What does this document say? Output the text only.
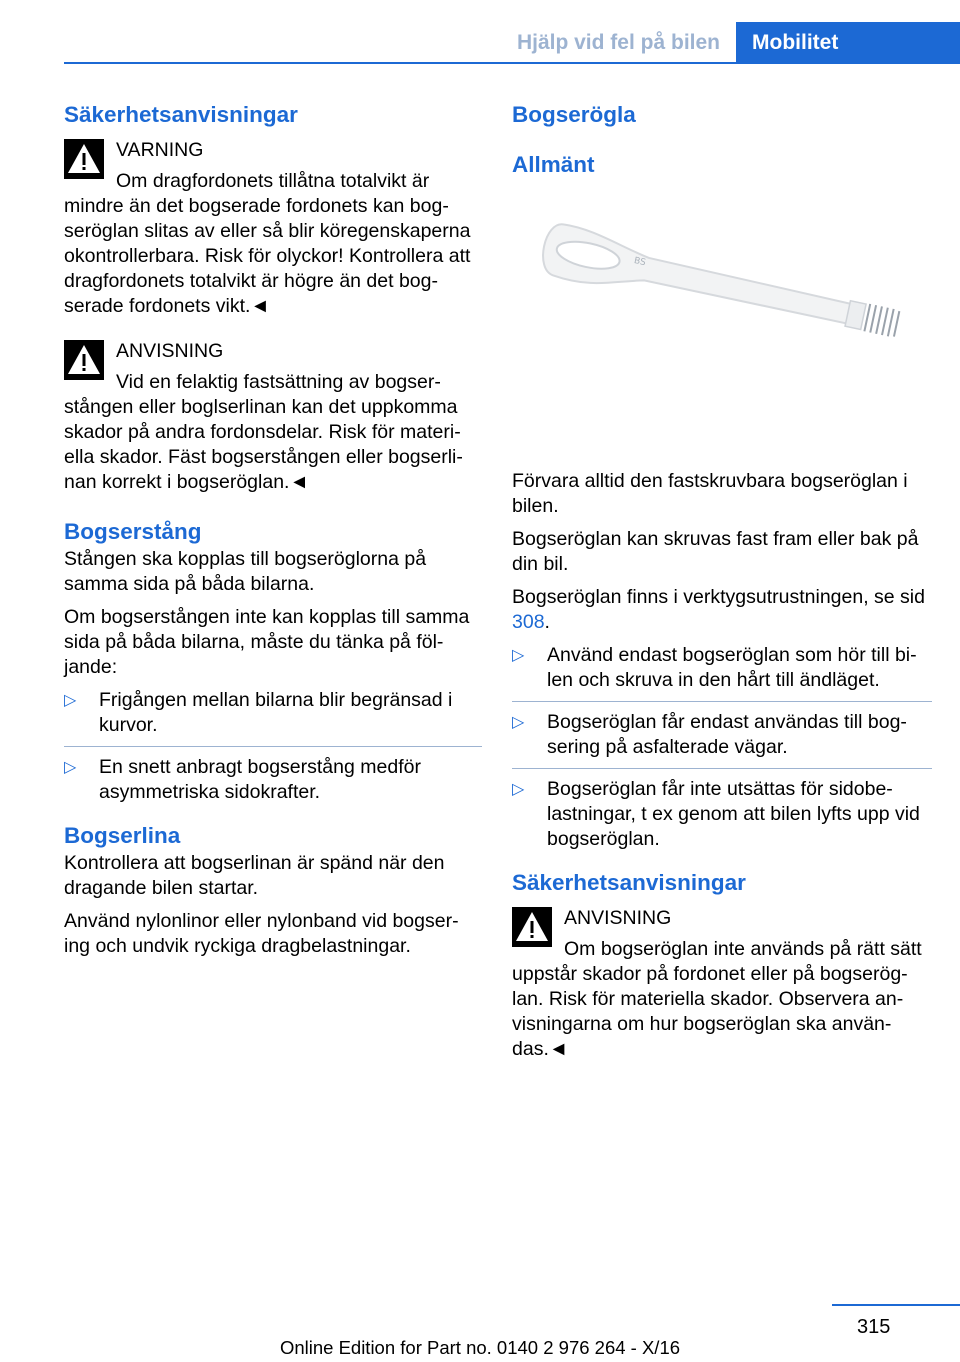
Hjälp vid fel på bilen	Mobilitet
Säkerhetsanvisningar

VARNING

Om dragfordonets tillåtna totalvikt är mindre än det bogserade fordonets kan bog-seröglan slitas av eller så blir köregenskaperna okontrollerbara. Risk för olyckor! Kontrollera att dragfordonets totalvikt är högre än det bog-serade fordonets vikt.◄

ANVISNING

Vid en felaktig fastsättning av bogser-stången eller boglserlinan kan det uppkomma skador på andra fordonsdelar. Risk för materi-ella skador. Fäst bogserstången eller bogserli-nan korrekt i bogseröglan.◄

Bogserstång

Stången ska kopplas till bogseröglorna på samma sida på båda bilarna.

Om bogserstången inte kan kopplas till samma sida på båda bilarna, måste du tänka på föl-jande:

▷ Frigången mellan bilarna blir begränsad i kurvor.
▷ En snett anbragt bogserstång medför asymmetriska sidokrafter.
Bogserlina

Kontrollera att bogserlinan är spänd när den dragande bilen startar.

Använd nylonlinor eller nylonband vid bogser-ing och undvik ryckiga dragbelastningar.

Bogserögla
Allmänt
BS

Förvara alltid den fastskruvbara bogseröglan i bilen.

Bogseröglan kan skruvas fast fram eller bak på din bil.

Bogseröglan finns i verktygsutrustningen, se sid 308.

▷ Använd endast bogseröglan som hör till bi-len och skruva in den hårt till ändläget.
▷ Bogseröglan får endast användas till bog-sering på asfalterade vägar.
▷ Bogseröglan får inte utsättas för sidobe-lastningar, t ex genom att bilen lyfts upp vid bogseröglan.
Säkerhetsanvisningar

ANVISNING

Om bogseröglan inte används på rätt sätt uppstår skador på fordonet eller på bogserög-lan. Risk för materiella skador. Observera an-visningarna om hur bogseröglan ska använ-das.◄

315
Online Edition for Part no. 0140 2 976 264 - X/16
